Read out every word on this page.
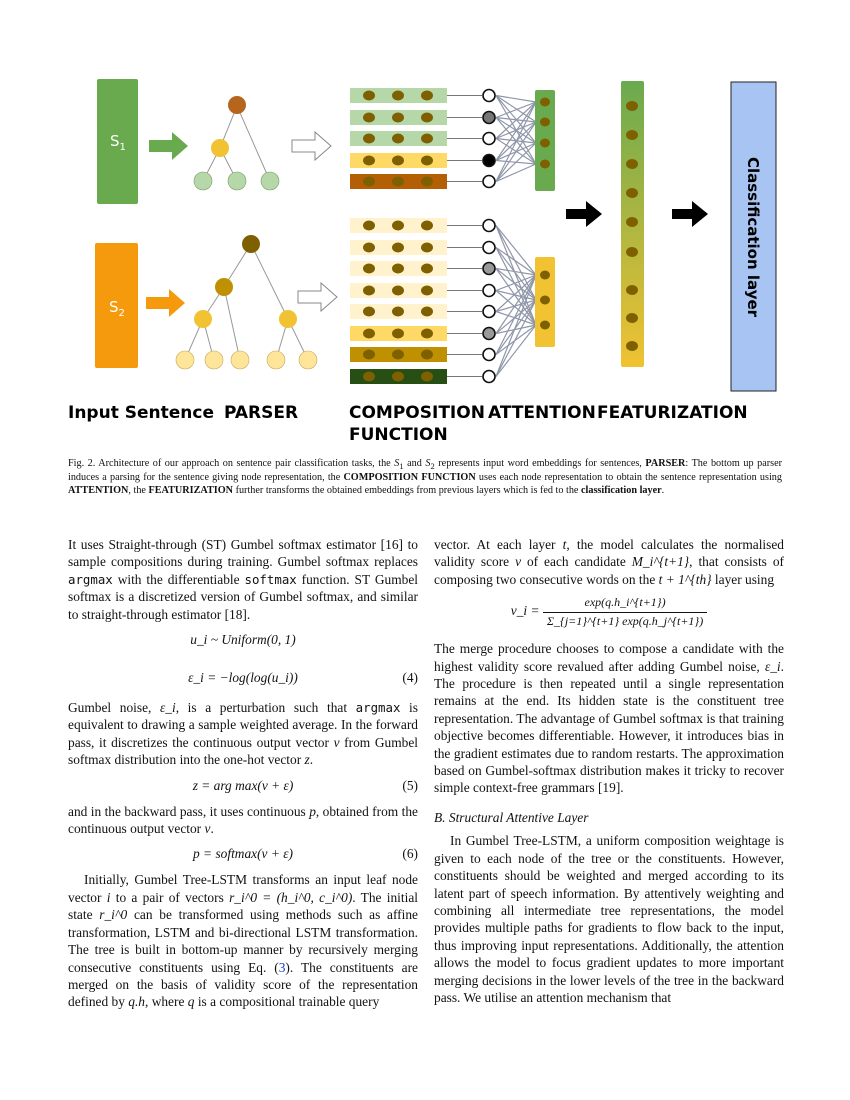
$S_1$
$S_2$	Classification layer
Input Sentence PARSER	COMPOSITION
FUNCTION
ATTENTION FEATURIZATION
Fig. 2. Architecture of our approach on sentence pair classification tasks, the $S_1$ and $S_2$ represents input word embeddings for sentences, PARSER: The bottom up parser induces a parsing for the sentence giving node representation, the COMPOSITION FUNCTION uses each node representation to obtain the sentence representation using ATTENTION, the FEATURIZATION further transforms the obtained embeddings from previous layers which is fed to the classification layer.

It uses Straight-through (ST) Gumbel softmax estimator [16] to sample compositions during training. Gumbel softmax replaces argmax with the differentiable softmax function. ST Gumbel softmax is a discretized version of Gumbel softmax, and similar to straight-through estimator [18].

u_i ~ Uniform(0, 1)
ε_i = −log(log(u_i))	(4)

Gumbel noise, ε_i, is a perturbation such that argmax is equivalent to drawing a sample weighted average. In the forward pass, it discretizes the continuous output vector v from Gumbel softmax distribution into the one-hot vector z.

z = arg max(v + ε)	(5)

and in the backward pass, it uses continuous p, obtained from the continuous output vector v.

p = softmax(v + ε)	(6)

Initially, Gumbel Tree-LSTM transforms an input leaf node vector i to a pair of vectors r_i^0 = (h_i^0, c_i^0). The initial state r_i^0 can be transformed using methods such as affine transformation, LSTM and bi-directional LSTM transformation. The tree is built in bottom-up manner by recursively merging consecutive constituents using Eq. (3). The constituents are merged on the basis of validity score of the representation defined by q.h, where q is a compositional trainable query

vector. At each layer t, the model calculates the normalised validity score v of each candidate M_i^{t+1}, that consists of composing two consecutive words on the t + 1^{th} layer using

v_i = $\frac{\exp(q.h\_i\^{}\{t+1\})}{\Sigma\_\{j=1\}\^{}\{t+1\} \exp(q.h\_j\^{}\{t+1\})}$

The merge procedure chooses to compose a candidate with the highest validity score revalued after adding Gumbel noise, ε_i. The procedure is then repeated until a single representation remains at the end. Its hidden state is the constituent tree representation. The advantage of Gumbel softmax is that training objective becomes differentiable. However, it introduces bias in the gradient estimates due to random restarts. The approximation based on Gumbel-softmax distribution makes it tricky to recover simple context-free grammars [19].

B. Structural Attentive Layer

In Gumbel Tree-LSTM, a uniform composition weightage is given to each node of the tree or the constituents. However, constituents should be weighted and merged according to its latent part of speech information. By attentively weighting and combining all intermediate tree representations, the model provides multiple paths for gradients to flow back to the input, thus improving input representations. Additionally, the attention allows the model to focus gradient updates to more important merging decisions in the lower levels of the tree in the backward pass. We utilise an attention mechanism that
